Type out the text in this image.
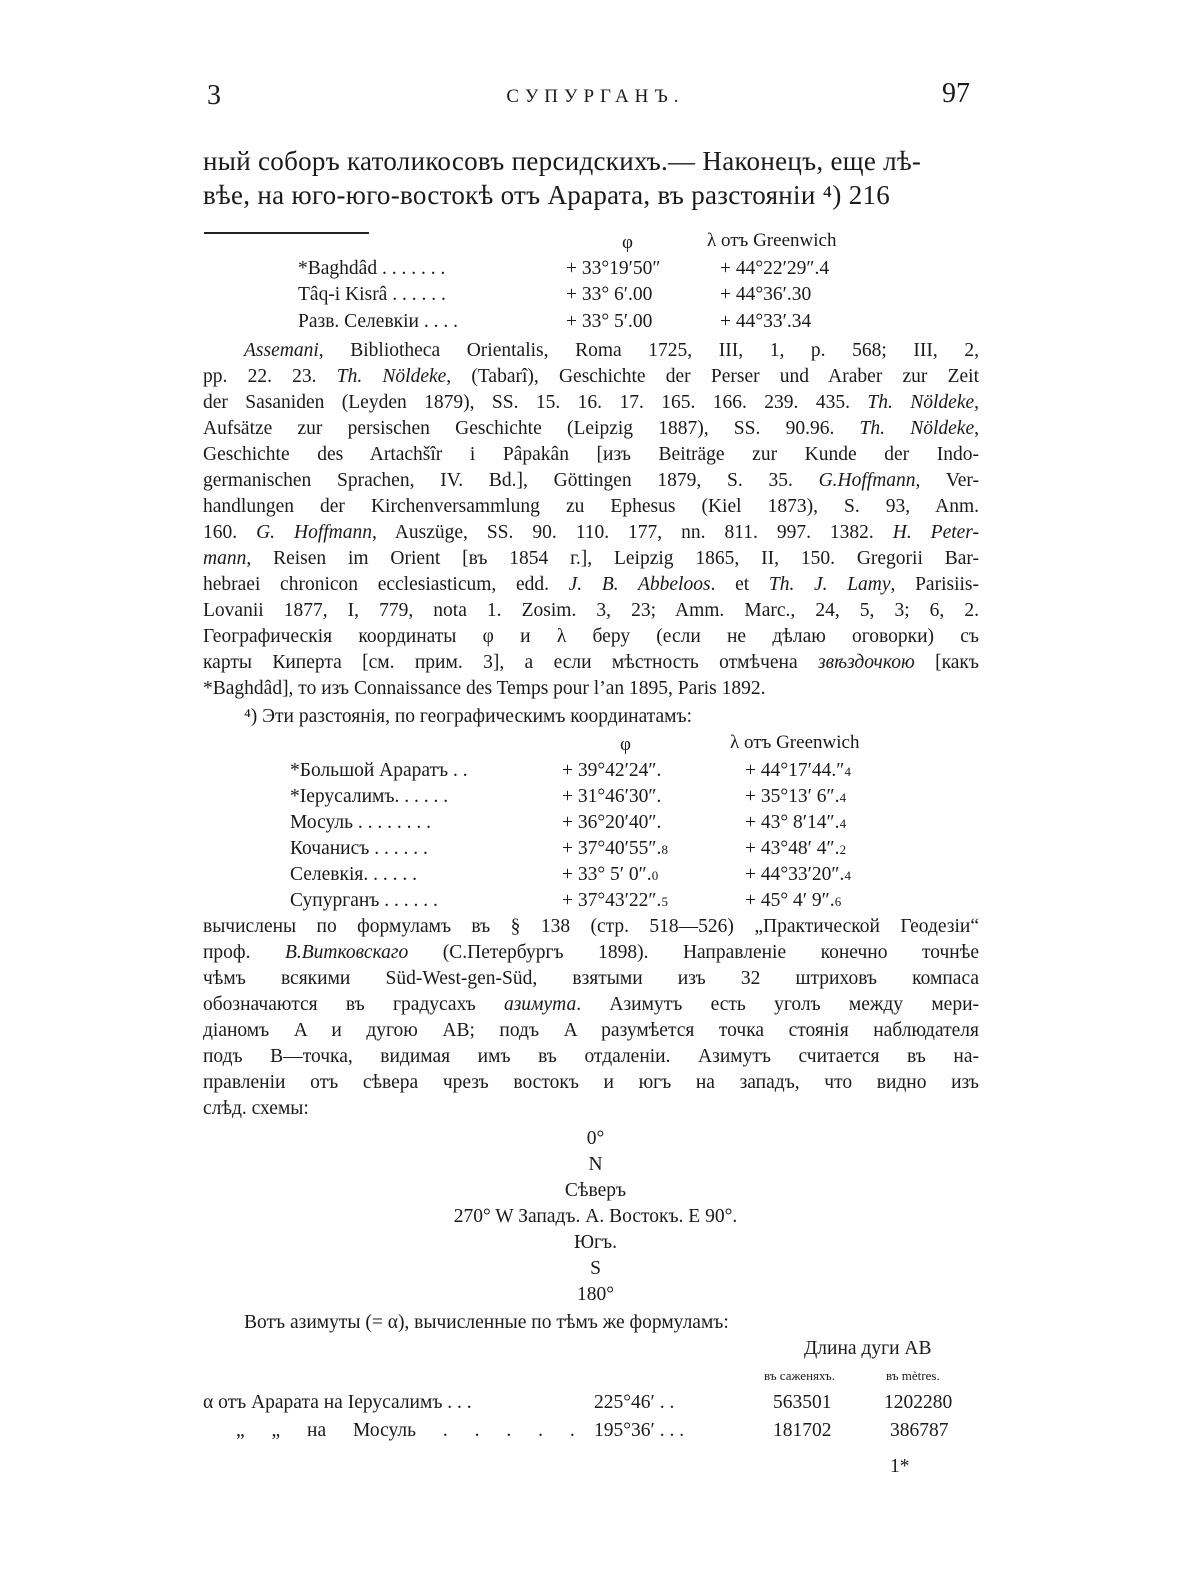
3	СУПУРГАНЪ.	97
ный соборъ католикосовъ персидскихъ.— Наконецъ, еще лѣ-
вѣе, на юго-юго-востокѣ отъ Арарата, въ разстояніи ⁴) 216
φ	λ отъ Greenwich
*Baghdâd . . . . . . .	+ 33°19′50″	+ 44°22′29″.4
Tâq-i Kisrâ . . . . . .	+ 33° 6′.00	+ 44°36′.30
Разв. Селевкіи . . . .	+ 33° 5′.00	+ 44°33′.34
Assemani, Bibliotheca Orientalis, Roma 1725, III, 1, p. 568; III, 2,
pp. 22. 23. Th. Nöldeke, (Tabarî), Geschichte der Perser und Araber zur Zeit
der Sasaniden (Leyden 1879), SS. 15. 16. 17. 165. 166. 239. 435. Th. Nöldeke,
Aufsätze zur persischen Geschichte (Leipzig 1887), SS. 90.96. Th. Nöldeke,
Geschichte des Artachšîr i Pâpakân [изъ Beiträge zur Kunde der Indo-
germanischen Sprachen, IV. Bd.], Göttingen 1879, S. 35. G.Hoffmann, Ver-
handlungen der Kirchenversammlung zu Ephesus (Kiel 1873), S. 93, Anm.
160. G. Hoffmann, Auszüge, SS. 90. 110. 177, nn. 811. 997. 1382. H. Peter-
mann, Reisen im Orient [въ 1854 г.], Leipzig 1865, II, 150. Gregorii Bar-
hebraei chronicon ecclesiasticum, edd. J. B. Abbeloos. et Th. J. Lamy, Parisiis-
Lovanii 1877, I, 779, nota 1. Zosim. 3, 23; Amm. Marc., 24, 5, 3; 6, 2.
Географическія координаты φ и λ беру (если не дѣлаю оговорки) съ
карты Киперта [см. прим. 3], а если мѣстность отмѣчена звѣздочкою [какъ
*Baghdâd], то изъ Connaissance des Temps pour l’an 1895, Paris 1892.
⁴) Эти разстоянія, по географическимъ координатамъ:
φ	λ отъ Greenwich
*Большой Араратъ . .	+ 39°42′24″.	+ 44°17′44.″4
*Іерусалимъ. . . . . .	+ 31°46′30″.	+ 35°13′ 6″.4
Мосуль . . . . . . . .	+ 36°20′40″.	+ 43° 8′14″.4
Кочанисъ . . . . . .	+ 37°40′55″.8	+ 43°48′ 4″.2
Селевкія. . . . . .	+ 33° 5′ 0″.0	+ 44°33′20″.4
Супурганъ . . . . . .	+ 37°43′22″.5	+ 45° 4′ 9″.6
вычислены по формуламъ въ § 138 (стр. 518—526) „Практической Геодезіи“
проф. В.Витковскаго (С.Петербургъ 1898). Направленіе конечно точнѣе
чѣмъ всякими Süd-West-gen-Süd, взятыми изъ 32 штриховъ компаса
обозначаются въ градусахъ азимута. Азимутъ есть уголъ между мери-
діаномъ A и дугою AB; подъ A разумѣется точка стоянія наблюдателя
подъ B—точка, видимая имъ въ отдаленіи. Азимутъ считается въ на-
правленіи отъ сѣвера чрезъ востокъ и югъ на западъ, что видно изъ
слѣд. схемы:
0°
N
Сѣверъ
270° W Западъ. A. Востокъ. E 90°.
Югъ.
S
180°
Вотъ азимуты (= α), вычисленные по тѣмъ же формуламъ:
Длина дуги AB
въ саженяхъ.	въ mètres.
α отъ Арарата на Іерусалимъ . . .	225°46′ . .	563501	1202280
„ „ на Мосуль . . . . . 195°36′ . . .	181702	386787
1*
